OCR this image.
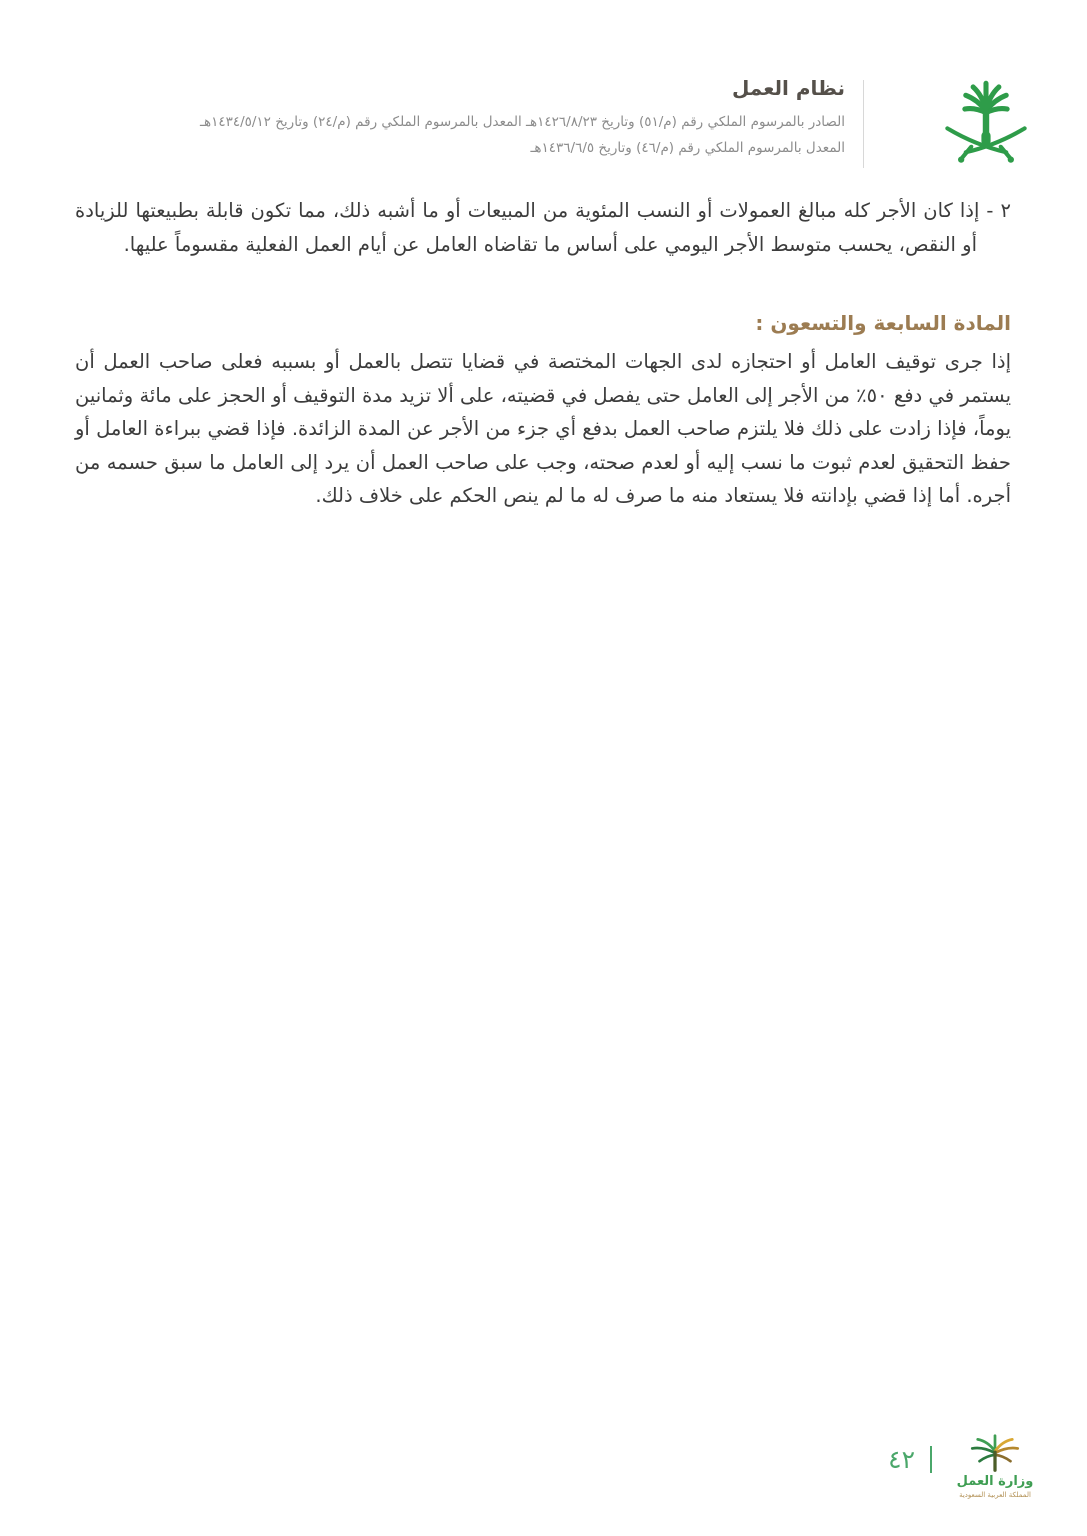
نظام العمل
الصادر بالمرسوم الملكي رقم (م/٥١) وتاريخ ١٤٢٦/٨/٢٣هـ المعدل بالمرسوم الملكي رقم (م/٢٤) وتاريخ ١٤٣٤/٥/١٢هـ
المعدل بالمرسوم الملكي رقم (م/٤٦) وتاريخ ١٤٣٦/٦/٥هـ
٢ - إذا كان الأجر كله مبالغ العمولات أو النسب المئوية من المبيعات أو ما أشبه ذلك، مما تكون قابلة بطبيعتها للزيادة أو النقص، يحسب متوسط الأجر اليومي على أساس ما تقاضاه العامل عن أيام العمل الفعلية مقسوماً عليها.
المادة السابعة والتسعون :
إذا جرى توقيف العامل أو احتجازه لدى الجهات المختصة في قضايا تتصل بالعمل أو بسببه فعلى صاحب العمل أن يستمر في دفع ٥٠٪ من الأجر إلى العامل حتى يفصل في قضيته، على ألا تزيد مدة التوقيف أو الحجز على مائة وثمانين يوماً، فإذا زادت على ذلك فلا يلتزم صاحب العمل بدفع أي جزء من الأجر عن المدة الزائدة. فإذا قضي ببراءة العامل أو حفظ التحقيق لعدم ثبوت ما نسب إليه أو لعدم صحته، وجب على صاحب العمل أن يرد إلى العامل ما سبق حسمه من أجره. أما إذا قضي بإدانته فلا يستعاد منه ما صرف له ما لم ينص الحكم على خلاف ذلك.
٤٢
وزارة العمل
المملكة العربية السعودية
